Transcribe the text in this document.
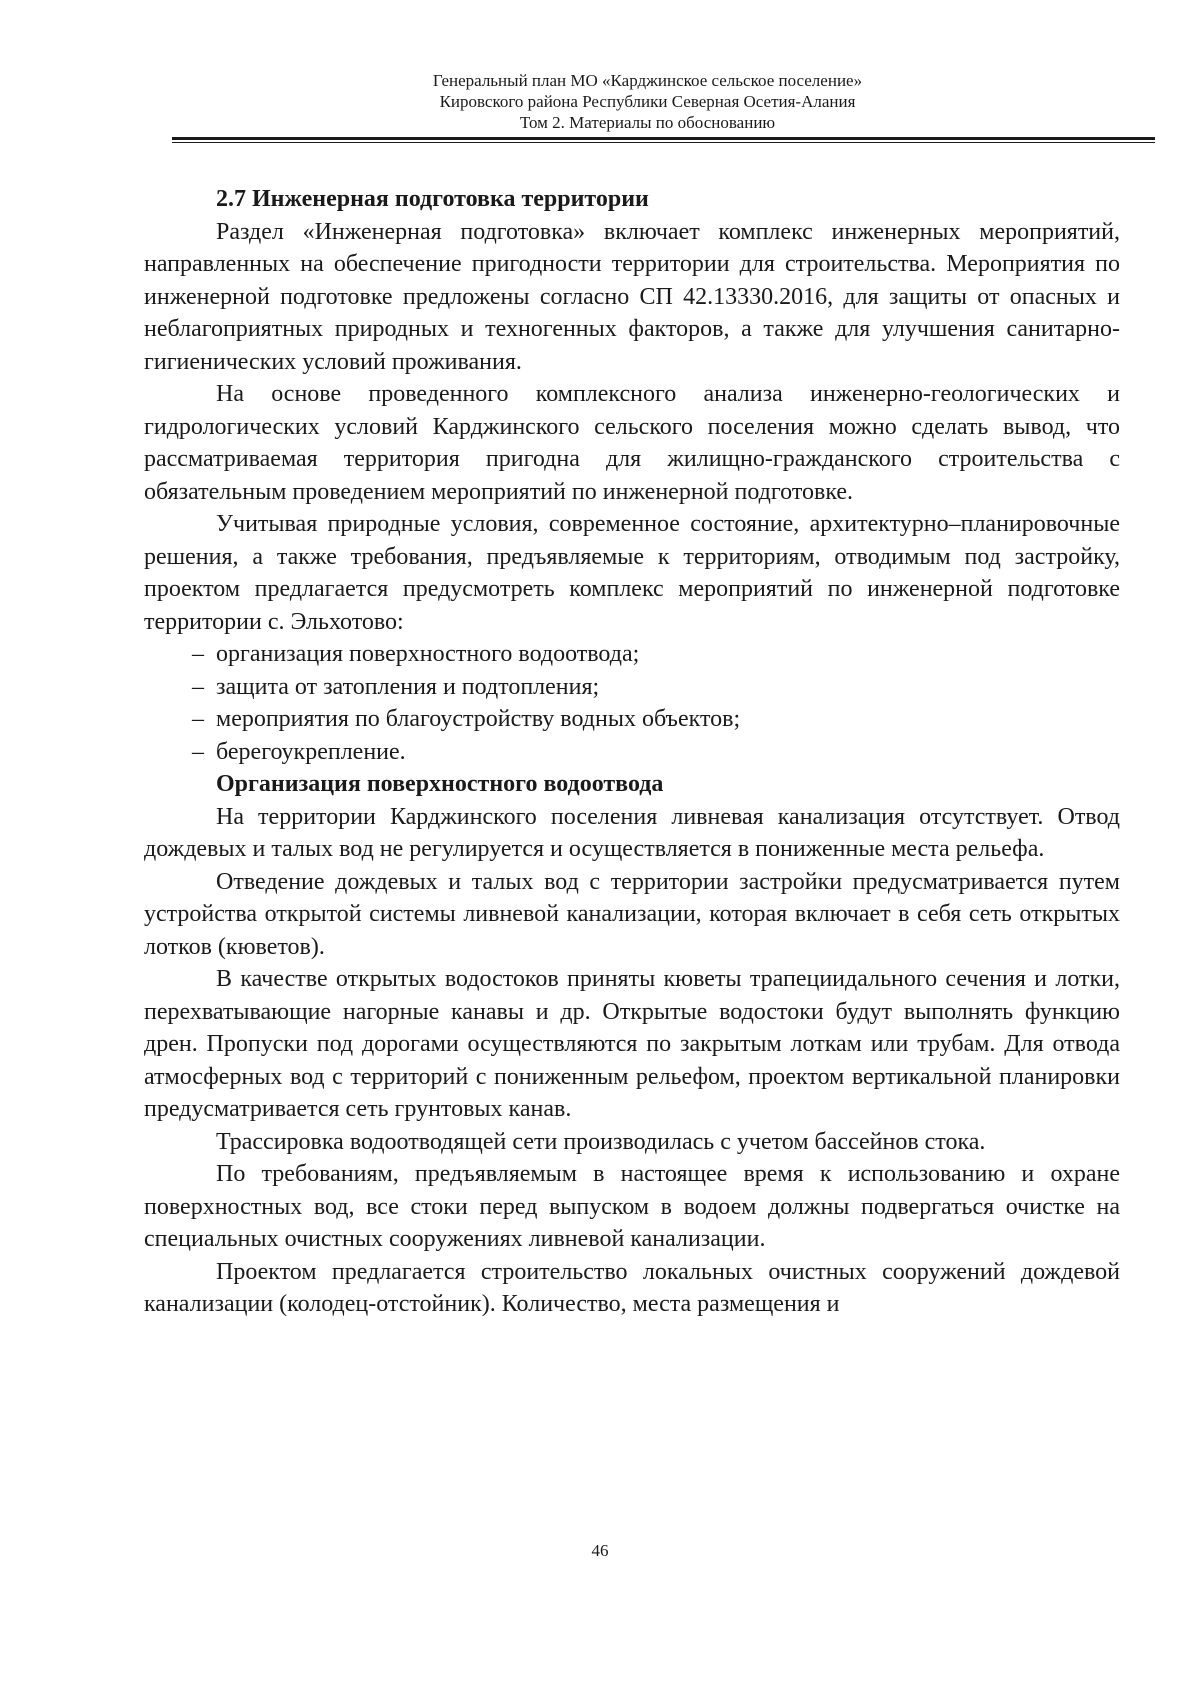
Генеральный план МО «Карджинское сельское поселение»
Кировского района Республики Северная Осетия-Алания
Том 2. Материалы по обоснованию
2.7 Инженерная подготовка территории

Раздел «Инженерная подготовка» включает комплекс инженерных мероприятий, направленных на обеспечение пригодности территории для строительства. Мероприятия по инженерной подготовке предложены согласно СП 42.13330.2016, для защиты от опасных и неблагоприятных природных и техногенных факторов, а также для улучшения санитарно-гигиенических условий проживания.

На основе проведенного комплексного анализа инженерно-геологических и гидрологических условий Карджинского сельского поселения можно сделать вывод, что рассматриваемая территория пригодна для жилищно-гражданского строительства с обязательным проведением мероприятий по инженерной подготовке.

Учитывая природные условия, современное состояние, архитектурно–планировочные решения, а также требования, предъявляемые к территориям, отводимым под застройку, проектом предлагается предусмотреть комплекс мероприятий по инженерной подготовке территории с. Эльхотово:

– организация поверхностного водоотвода;
– защита от затопления и подтопления;
– мероприятия по благоустройству водных объектов;
– берегоукрепление.
Организация поверхностного водоотвода

На территории Карджинского поселения ливневая канализация отсутствует. Отвод дождевых и талых вод не регулируется и осуществляется в пониженные места рельефа.

Отведение дождевых и талых вод с территории застройки предусматривается путем устройства открытой системы ливневой канализации, которая включает в себя сеть открытых лотков (кюветов).

В качестве открытых водостоков приняты кюветы трапециидального сечения и лотки, перехватывающие нагорные канавы и др. Открытые водостоки будут выполнять функцию дрен. Пропуски под дорогами осуществляются по закрытым лоткам или трубам. Для отвода атмосферных вод с территорий с пониженным рельефом, проектом вертикальной планировки предусматривается сеть грунтовых канав.

Трассировка водоотводящей сети производилась с учетом бассейнов стока.

По требованиям, предъявляемым в настоящее время к использованию и охране поверхностных вод, все стоки перед выпуском в водоем должны подвергаться очистке на специальных очистных сооружениях ливневой канализации.

Проектом предлагается строительство локальных очистных сооружений дождевой канализации (колодец-отстойник). Количество, места размещения и

46
